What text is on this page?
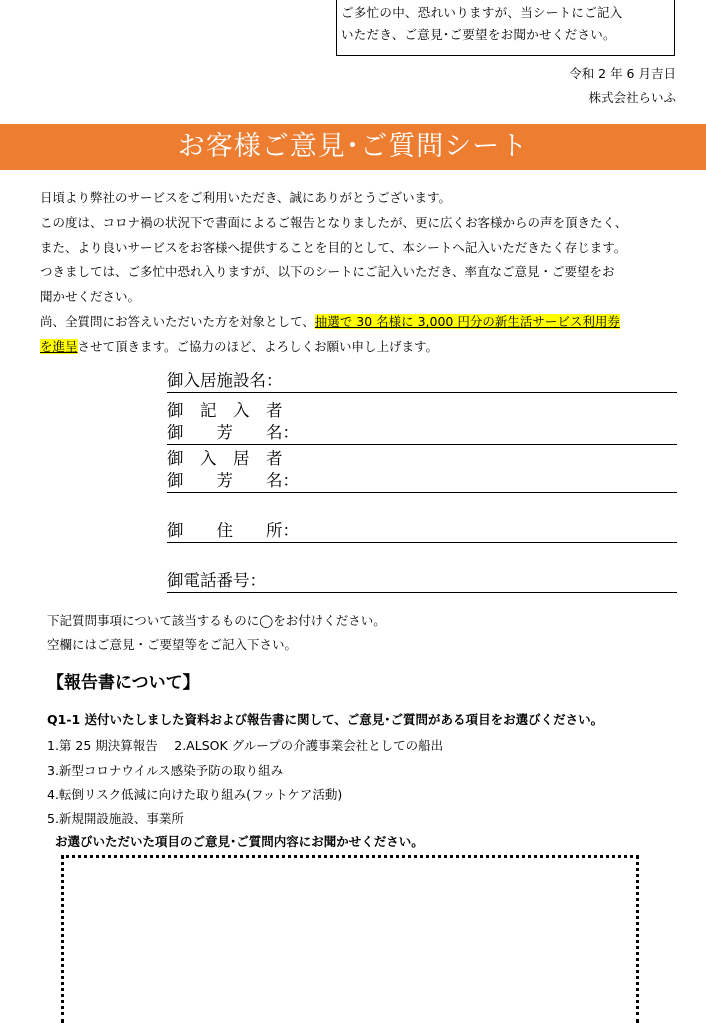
ご多忙の中、恐れいりますが、当シートにご記入
いただき、ご意見･ご要望をお聞かせください。
令和 2 年 6 月吉日
株式会社らいふ
お客様ご意見･ご質問シート

日頃より弊社のサービスをご利用いただき、誠にありがとうございます。

この度は、コロナ禍の状況下で書面によるご報告となりましたが、更に広くお客様からの声を頂きたく、

また、より良いサービスをお客様へ提供することを目的として、本シートへ記入いただきたく存じます。

つきましては、ご多忙中恐れ入りますが、以下のシートにご記入いただき、率直なご意見・ご要望をお

聞かせください。

尚、全質問にお答えいただいた方を対象として、抽選で 30 名様に 3,000 円分の新生活サービス利用券

を進呈させて頂きます。ご協力のほど、よろしくお願い申し上げます。

御入居施設名：
御　記　入　者
御　　芳　　名：
御　入　居　者
御　　芳　　名：
御　　住　　所：
御電話番号：
下記質問事項について該当するものに◯をお付けください。
空欄にはご意見・ご要望等をご記入下さい。
【報告書について】
Q1-1 送付いたしました資料および報告書に関して、ご意見･ご質問がある項目をお選びください。
1.第 25 期決算報告　 2.ALSOK グループの介護事業会社としての船出
3.新型コロナウイルス感染予防の取り組み
4.転倒リスク低減に向けた取り組み(フットケア活動)
5.新規開設施設、事業所
お選びいただいた項目のご意見･ご質問内容にお聞かせください。
